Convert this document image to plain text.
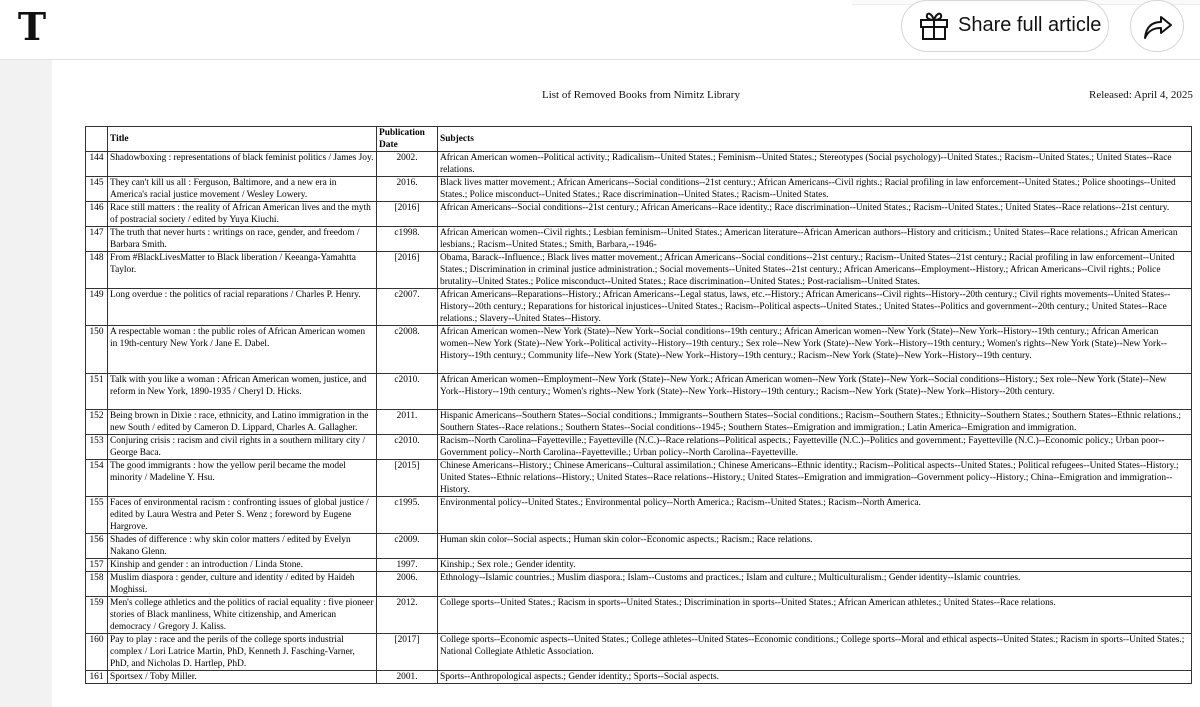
T	Share full article
List of Removed Books from Nimitz Library	Released: April 4, 2025
	Title	Publication Date	Subjects
144	Shadowboxing : representations of black feminist politics / James Joy.	2002.	African American women--Political activity.; Radicalism--United States.; Feminism--United States.; Stereotypes (Social psychology)--United States.; Racism--United States.; United States--Race relations.
145	They can't kill us all : Ferguson, Baltimore, and a new era in America's racial justice movement / Wesley Lowery.	2016.	Black lives matter movement.; African Americans--Social conditions--21st century.; African Americans--Civil rights.; Racial profiling in law enforcement--United States.; Police shootings--United States.; Police misconduct--United States.; Race discrimination--United States.; Racism--United States.
146	Race still matters : the reality of African American lives and the myth of postracial society / edited by Yuya Kiuchi.	[2016]	African Americans--Social conditions--21st century.; African Americans--Race identity.; Race discrimination--United States.; Racism--United States.; United States--Race relations--21st century.
147	The truth that never hurts : writings on race, gender, and freedom / Barbara Smith.	c1998.	African American women--Civil rights.; Lesbian feminism--United States.; American literature--African American authors--History and criticism.; United States--Race relations.; African American lesbians.; Racism--United States.; Smith, Barbara,--1946-
148	From #BlackLivesMatter to Black liberation / Keeanga-Yamahtta Taylor.	[2016]	Obama, Barack--Influence.; Black lives matter movement.; African Americans--Social conditions--21st century.; Racism--United States--21st century.; Racial profiling in law enforcement--United States.; Discrimination in criminal justice administration.; Social movements--United States--21st century.; African Americans--Employment--History.; African Americans--Civil rights.; Police brutality--United States.; Police misconduct--United States.; Race discrimination--United States.; Post-racialism--United States.
149	Long overdue : the politics of racial reparations / Charles P. Henry.	c2007.	African Americans--Reparations--History.; African Americans--Legal status, laws, etc.--History.; African Americans--Civil rights--History--20th century.; Civil rights movements--United States--History--20th century.; Reparations for historical injustices--United States.; Racism--Political aspects--United States.; United States--Politics and government--20th century.; United States--Race relations.; Slavery--United States--History.
150	A respectable woman : the public roles of African American women in 19th-century New York / Jane E. Dabel.	c2008.	African American women--New York (State)--New York--Social conditions--19th century.; African American women--New York (State)--New York--History--19th century.; African American women--New York (State)--New York--Political activity--History--19th century.; Sex role--New York (State)--New York--History--19th century.; Women's rights--New York (State)--New York--History--19th century.; Community life--New York (State)--New York--History--19th century.; Racism--New York (State)--New York--History--19th century.
151	Talk with you like a woman : African American women, justice, and reform in New York, 1890-1935 / Cheryl D. Hicks.	c2010.	African American women--Employment--New York (State)--New York.; African American women--New York (State)--New York--Social conditions--History.; Sex role--New York (State)--New York--History--19th century.; Women's rights--New York (State)--New York--History--19th century.; Racism--New York (State)--New York--History--20th century.
152	Being brown in Dixie : race, ethnicity, and Latino immigration in the new South / edited by Cameron D. Lippard, Charles A. Gallagher.	2011.	Hispanic Americans--Southern States--Social conditions.; Immigrants--Southern States--Social conditions.; Racism--Southern States.; Ethnicity--Southern States.; Southern States--Ethnic relations.; Southern States--Race relations.; Southern States--Social conditions--1945-; Southern States--Emigration and immigration.; Latin America--Emigration and immigration.
153	Conjuring crisis : racism and civil rights in a southern military city / George Baca.	c2010.	Racism--North Carolina--Fayetteville.; Fayetteville (N.C.)--Race relations--Political aspects.; Fayetteville (N.C.)--Politics and government.; Fayetteville (N.C.)--Economic policy.; Urban poor--Government policy--North Carolina--Fayetteville.; Urban policy--North Carolina--Fayetteville.
154	The good immigrants : how the yellow peril became the model minority / Madeline Y. Hsu.	[2015]	Chinese Americans--History.; Chinese Americans--Cultural assimilation.; Chinese Americans--Ethnic identity.; Racism--Political aspects--United States.; Political refugees--United States--History.; United States--Ethnic relations--History.; United States--Race relations--History.; United States--Emigration and immigration--Government policy--History.; China--Emigration and immigration--History.
155	Faces of environmental racism : confronting issues of global justice / edited by Laura Westra and Peter S. Wenz ; foreword by Eugene Hargrove.	c1995.	Environmental policy--United States.; Environmental policy--North America.; Racism--United States.; Racism--North America.
156	Shades of difference : why skin color matters / edited by Evelyn Nakano Glenn.	c2009.	Human skin color--Social aspects.; Human skin color--Economic aspects.; Racism.; Race relations.
157	Kinship and gender : an introduction / Linda Stone.	1997.	Kinship.; Sex role.; Gender identity.
158	Muslim diaspora : gender, culture and identity / edited by Haideh Moghissi.	2006.	Ethnology--Islamic countries.; Muslim diaspora.; Islam--Customs and practices.; Islam and culture.; Multiculturalism.; Gender identity--Islamic countries.
159	Men's college athletics and the politics of racial equality : five pioneer stories of Black manliness, White citizenship, and American democracy / Gregory J. Kaliss.	2012.	College sports--United States.; Racism in sports--United States.; Discrimination in sports--United States.; African American athletes.; United States--Race relations.
160	Pay to play : race and the perils of the college sports industrial complex / Lori Latrice Martin, PhD, Kenneth J. Fasching-Varner, PhD, and Nicholas D. Hartlep, PhD.	[2017]	College sports--Economic aspects--United States.; College athletes--United States--Economic conditions.; College sports--Moral and ethical aspects--United States.; Racism in sports--United States.; National Collegiate Athletic Association.
161	Sportsex / Toby Miller.	2001.	Sports--Anthropological aspects.; Gender identity.; Sports--Social aspects.
